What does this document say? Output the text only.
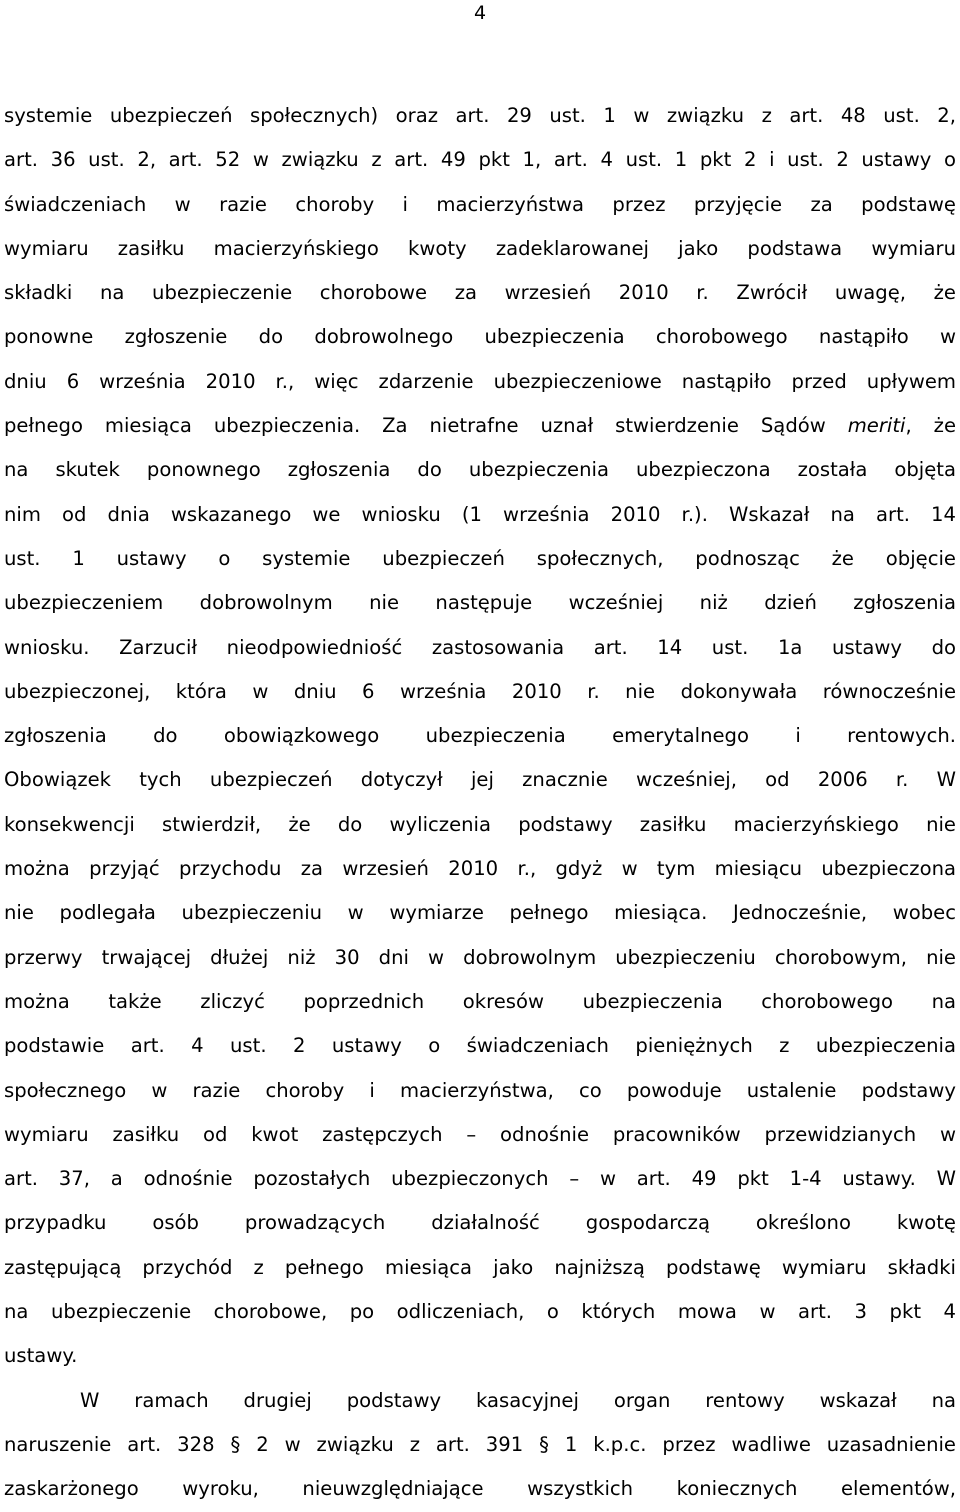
4
systemie ubezpieczeń społecznych) oraz art. 29 ust. 1 w związku z art. 48 ust. 2,
art. 36 ust. 2, art. 52 w związku z art. 49 pkt 1, art. 4 ust. 1 pkt 2 i ust. 2 ustawy o
świadczeniach w razie choroby i macierzyństwa przez przyjęcie za podstawę
wymiaru zasiłku macierzyńskiego kwoty zadeklarowanej jako podstawa wymiaru
składki na ubezpieczenie chorobowe za wrzesień 2010 r. Zwrócił uwagę, że
ponowne zgłoszenie do dobrowolnego ubezpieczenia chorobowego nastąpiło w
dniu 6 września 2010 r., więc zdarzenie ubezpieczeniowe nastąpiło przed upływem
pełnego miesiąca ubezpieczenia. Za nietrafne uznał stwierdzenie Sądów meriti, że
na skutek ponownego zgłoszenia do ubezpieczenia ubezpieczona została objęta
nim od dnia wskazanego we wniosku (1 września 2010 r.). Wskazał na art. 14
ust. 1 ustawy o systemie ubezpieczeń społecznych, podnosząc że objęcie
ubezpieczeniem dobrowolnym nie następuje wcześniej niż dzień zgłoszenia
wniosku. Zarzucił nieodpowiedniość zastosowania art. 14 ust. 1a ustawy do
ubezpieczonej, która w dniu 6 września 2010 r. nie dokonywała równocześnie
zgłoszenia do obowiązkowego ubezpieczenia emerytalnego i rentowych.
Obowiązek tych ubezpieczeń dotyczył jej znacznie wcześniej, od 2006 r. W
konsekwencji stwierdził, że do wyliczenia podstawy zasiłku macierzyńskiego nie
można przyjąć przychodu za wrzesień 2010 r., gdyż w tym miesiącu ubezpieczona
nie podlegała ubezpieczeniu w wymiarze pełnego miesiąca. Jednocześnie, wobec
przerwy trwającej dłużej niż 30 dni w dobrowolnym ubezpieczeniu chorobowym, nie
można także zliczyć poprzednich okresów ubezpieczenia chorobowego na
podstawie art. 4 ust. 2 ustawy o świadczeniach pieniężnych z ubezpieczenia
społecznego w razie choroby i macierzyństwa, co powoduje ustalenie podstawy
wymiaru zasiłku od kwot zastępczych – odnośnie pracowników przewidzianych w
art. 37, a odnośnie pozostałych ubezpieczonych – w art. 49 pkt 1-4 ustawy. W
przypadku osób prowadzących działalność gospodarczą określono kwotę
zastępującą przychód z pełnego miesiąca jako najniższą podstawę wymiaru składki
na ubezpieczenie chorobowe, po odliczeniach, o których mowa w art. 3 pkt 4
ustawy.
W ramach drugiej podstawy kasacyjnej organ rentowy wskazał na
naruszenie art. 328 § 2 w związku z art. 391 § 1 k.p.c. przez wadliwe uzasadnienie
zaskarżonego wyroku, nieuwzględniające wszystkich koniecznych elementów,
